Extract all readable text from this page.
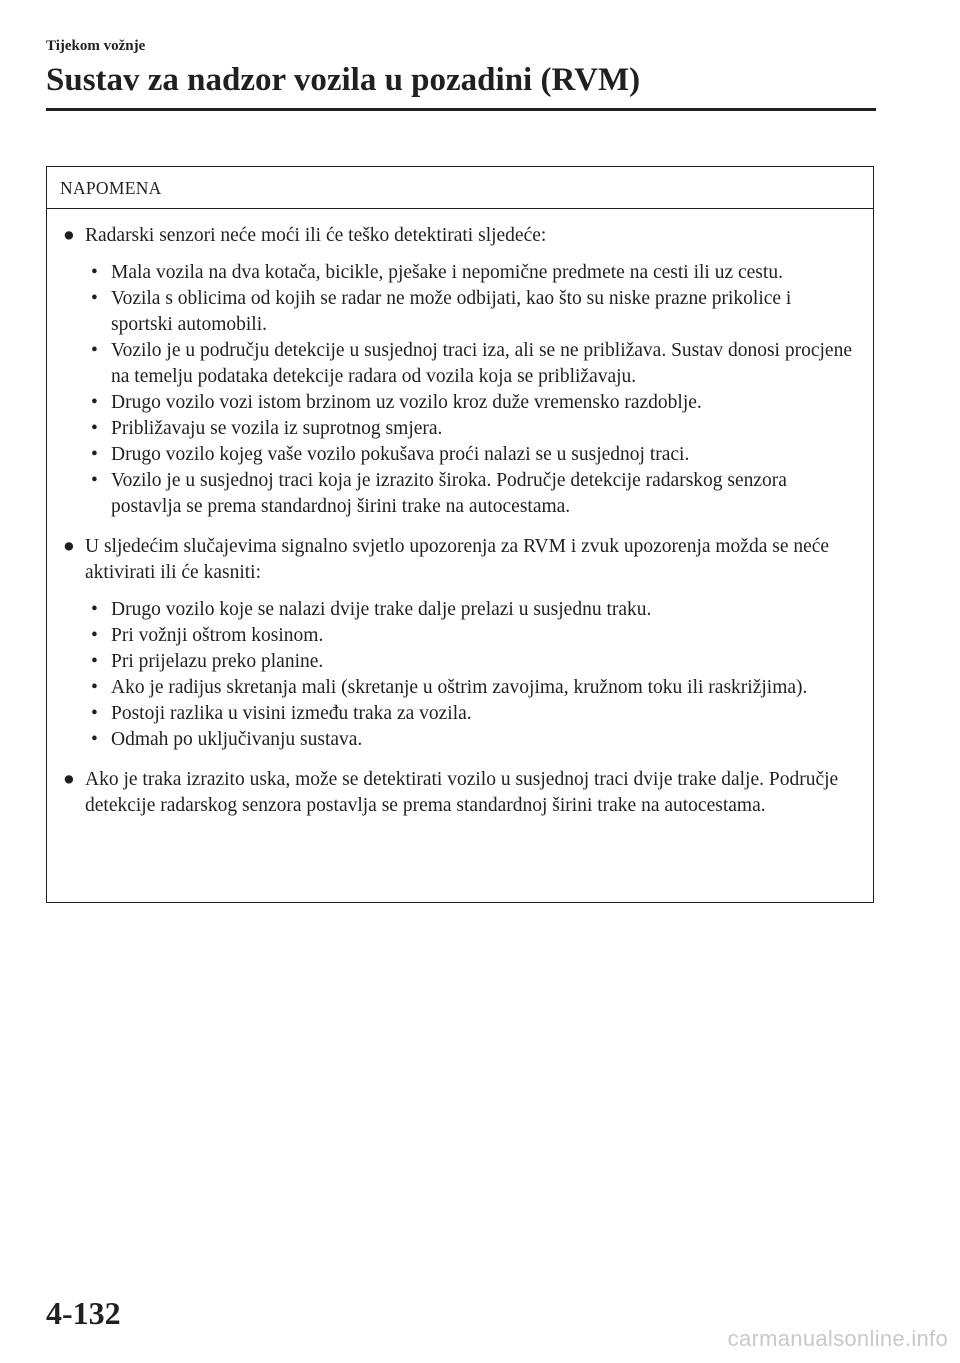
Tijekom vožnje
Sustav za nadzor vozila u pozadini (RVM)
NAPOMENA
● Radarski senzori neće moći ili će teško detektirati sljedeće:
• Mala vozila na dva kotača, bicikle, pješake i nepomične predmete na cesti ili uz cestu.
• Vozila s oblicima od kojih se radar ne može odbijati, kao što su niske prazne prikolice i sportski automobili.
• Vozilo je u području detekcije u susjednoj traci iza, ali se ne približava. Sustav donosi procjene na temelju podataka detekcije radara od vozila koja se približavaju.
• Drugo vozilo vozi istom brzinom uz vozilo kroz duže vremensko razdoblje.
• Približavaju se vozila iz suprotnog smjera.
• Drugo vozilo kojeg vaše vozilo pokušava proći nalazi se u susjednoj traci.
• Vozilo je u susjednoj traci koja je izrazito široka. Područje detekcije radarskog senzora postavlja se prema standardnoj širini trake na autocestama.
● U sljedećim slučajevima signalno svjetlo upozorenja za RVM i zvuk upozorenja možda se neće aktivirati ili će kasniti:
• Drugo vozilo koje se nalazi dvije trake dalje prelazi u susjednu traku.
• Pri vožnji oštrom kosinom.
• Pri prijelazu preko planine.
• Ako je radijus skretanja mali (skretanje u oštrim zavojima, kružnom toku ili raskrižjima).
• Postoji razlika u visini između traka za vozila.
• Odmah po uključivanju sustava.
● Ako je traka izrazito uska, može se detektirati vozilo u susjednoj traci dvije trake dalje. Područje detekcije radarskog senzora postavlja se prema standardnoj širini trake na autocestama.
4-132
carmanualsonline.info
